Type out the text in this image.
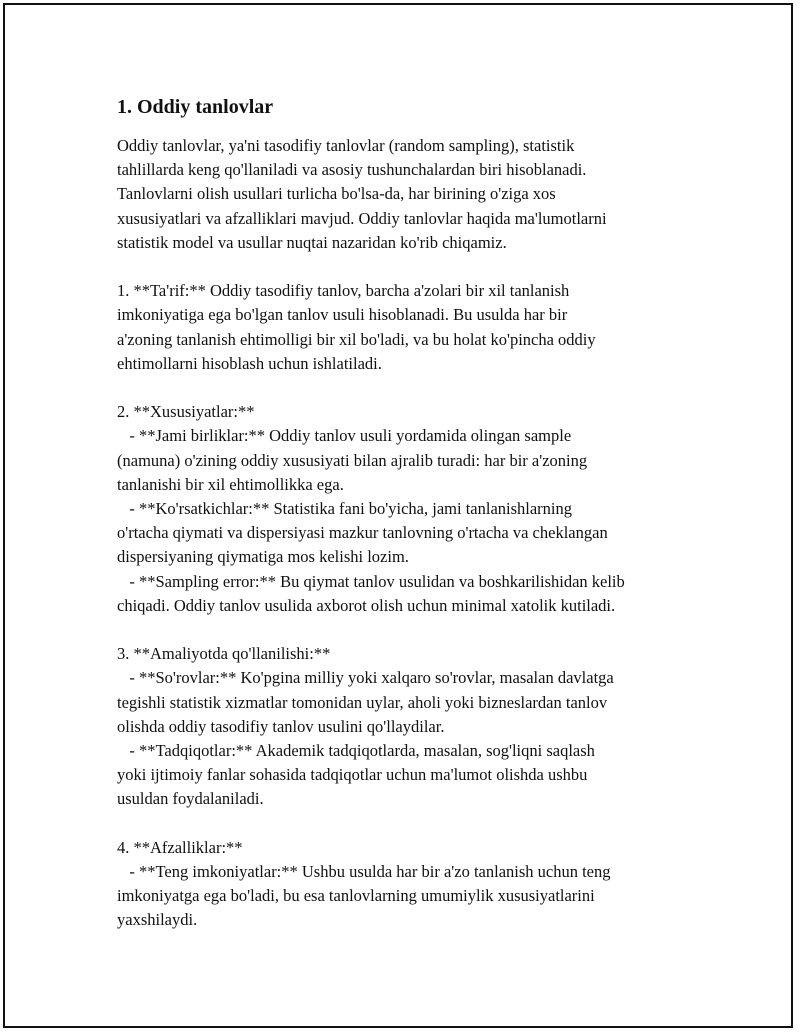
1. Oddiy tanlovlar

Oddiy tanlovlar, ya'ni tasodifiy tanlovlar (random sampling), statistik
tahlillarda keng qo'llaniladi va asosiy tushunchalardan biri hisoblanadi.
Tanlovlarni olish usullari turlicha bo'lsa-da, har birining o'ziga xos
xususiyatlari va afzalliklari mavjud. Oddiy tanlovlar haqida ma'lumotlarni
statistik model va usullar nuqtai nazaridan ko'rib chiqamiz.

1. **Ta'rif:** Oddiy tasodifiy tanlov, barcha a'zolari bir xil tanlanish
imkoniyatiga ega bo'lgan tanlov usuli hisoblanadi. Bu usulda har bir
a'zoning tanlanish ehtimolligi bir xil bo'ladi, va bu holat ko'pincha oddiy
ehtimollarni hisoblash uchun ishlatiladi.

2. **Xususiyatlar:**
- **Jami birliklar:** Oddiy tanlov usuli yordamida olingan sample
(namuna) o'zining oddiy xususiyati bilan ajralib turadi: har bir a'zoning
tanlanishi bir xil ehtimollikka ega.
- **Ko'rsatkichlar:** Statistika fani bo'yicha, jami tanlanishlarning
o'rtacha qiymati va dispersiyasi mazkur tanlovning o'rtacha va cheklangan
dispersiyaning qiymatiga mos kelishi lozim.
- **Sampling error:** Bu qiymat tanlov usulidan va boshkarilishidan kelib
chiqadi. Oddiy tanlov usulida axborot olish uchun minimal xatolik kutiladi.

3. **Amaliyotda qo'llanilishi:**
- **So'rovlar:** Ko'pgina milliy yoki xalqaro so'rovlar, masalan davlatga
tegishli statistik xizmatlar tomonidan uylar, aholi yoki bizneslardan tanlov
olishda oddiy tasodifiy tanlov usulini qo'llaydilar.
- **Tadqiqotlar:** Akademik tadqiqotlarda, masalan, sog'liqni saqlash
yoki ijtimoiy fanlar sohasida tadqiqotlar uchun ma'lumot olishda ushbu
usuldan foydalaniladi.

4. **Afzalliklar:**
- **Teng imkoniyatlar:** Ushbu usulda har bir a'zo tanlanish uchun teng
imkoniyatga ega bo'ladi, bu esa tanlovlarning umumiylik xususiyatlarini
yaxshilaydi.
